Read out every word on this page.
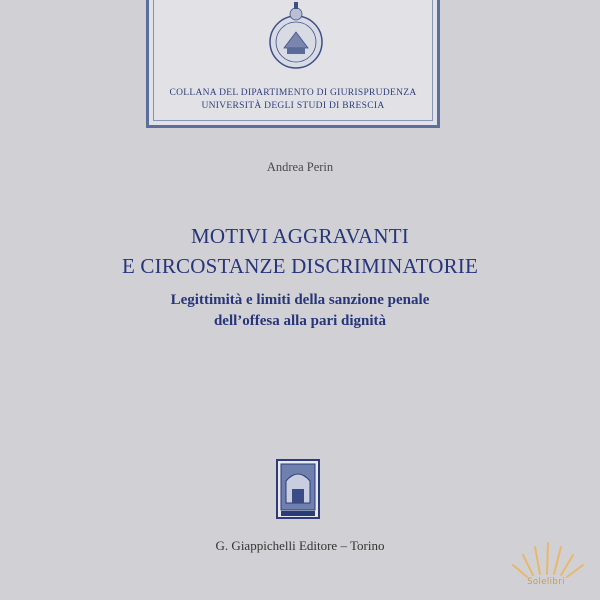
COLLANA DEL DIPARTIMENTO DI GIURISPRUDENZA
UNIVERSITÀ DEGLI STUDI DI BRESCIA
Andrea Perin
MOTIVI AGGRAVANTI
E CIRCOSTANZE DISCRIMINATORIE
Legittimità e limiti della sanzione penale
dell’offesa alla pari dignità
G. Giappichelli Editore – Torino
Solelibri
